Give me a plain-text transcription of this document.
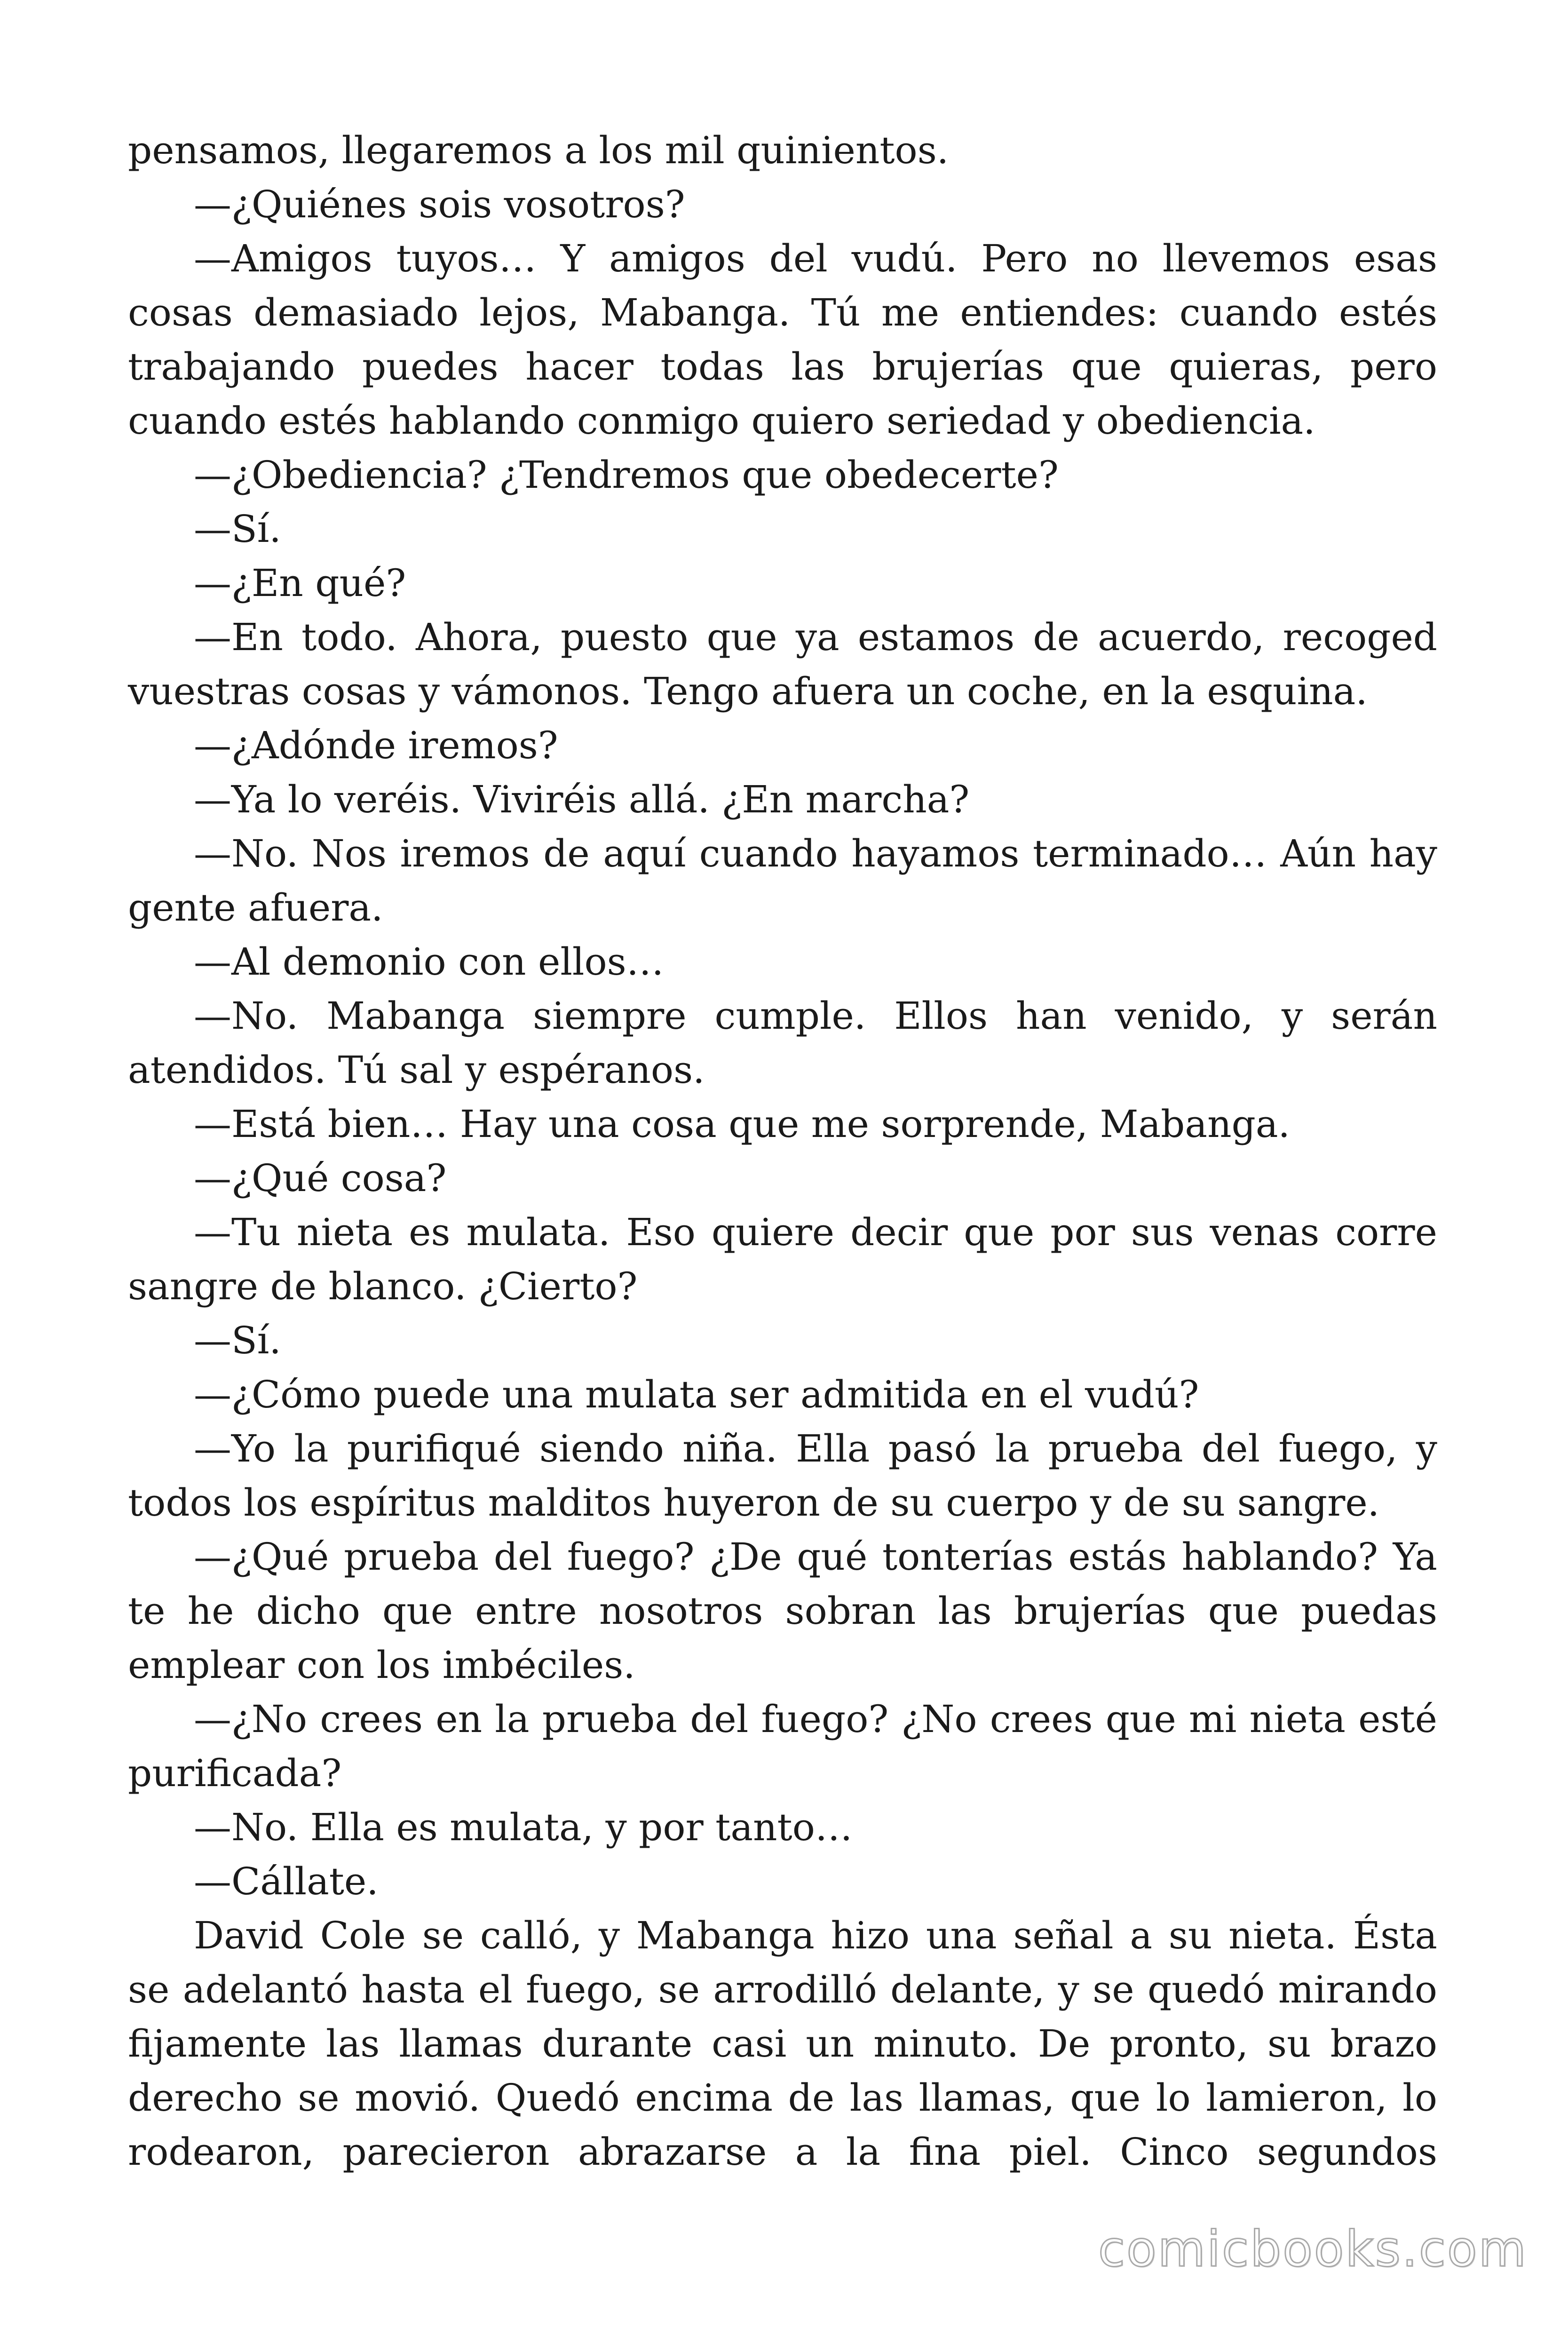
pensamos, llegaremos a los mil quinientos.

—¿Quiénes sois vosotros?

—Amigos tuyos… Y amigos del vudú. Pero no llevemos esas cosas demasiado lejos, Mabanga. Tú me entiendes: cuando estés trabajando puedes hacer todas las brujerías que quieras, pero cuando estés hablando conmigo quiero seriedad y obediencia.

—¿Obediencia? ¿Tendremos que obedecerte?

—Sí.

—¿En qué?

—En todo. Ahora, puesto que ya estamos de acuerdo, recoged vuestras cosas y vámonos. Tengo afuera un coche, en la esquina.

—¿Adónde iremos?

—Ya lo veréis. Viviréis allá. ¿En marcha?

—No. Nos iremos de aquí cuando hayamos terminado… Aún hay gente afuera.

—Al demonio con ellos…

—No. Mabanga siempre cumple. Ellos han venido, y serán atendidos. Tú sal y espéranos.

—Está bien… Hay una cosa que me sorprende, Mabanga.

—¿Qué cosa?

—Tu nieta es mulata. Eso quiere decir que por sus venas corre sangre de blanco. ¿Cierto?

—Sí.

—¿Cómo puede una mulata ser admitida en el vudú?

—Yo la purifiqué siendo niña. Ella pasó la prueba del fuego, y todos los espíritus malditos huyeron de su cuerpo y de su sangre.

—¿Qué prueba del fuego? ¿De qué tonterías estás hablando? Ya te he dicho que entre nosotros sobran las brujerías que puedas emplear con los imbéciles.

—¿No crees en la prueba del fuego? ¿No crees que mi nieta esté purificada?

—No. Ella es mulata, y por tanto…

—Cállate.

David Cole se calló, y Mabanga hizo una señal a su nieta. Ésta se adelantó hasta el fuego, se arrodilló delante, y se quedó mirando fijamente las llamas durante casi un minuto. De pronto, su brazo derecho se movió. Quedó encima de las llamas, que lo lamieron, lo rodearon, parecieron abrazarse a la fina piel. Cinco segundos

comicbooks.com
